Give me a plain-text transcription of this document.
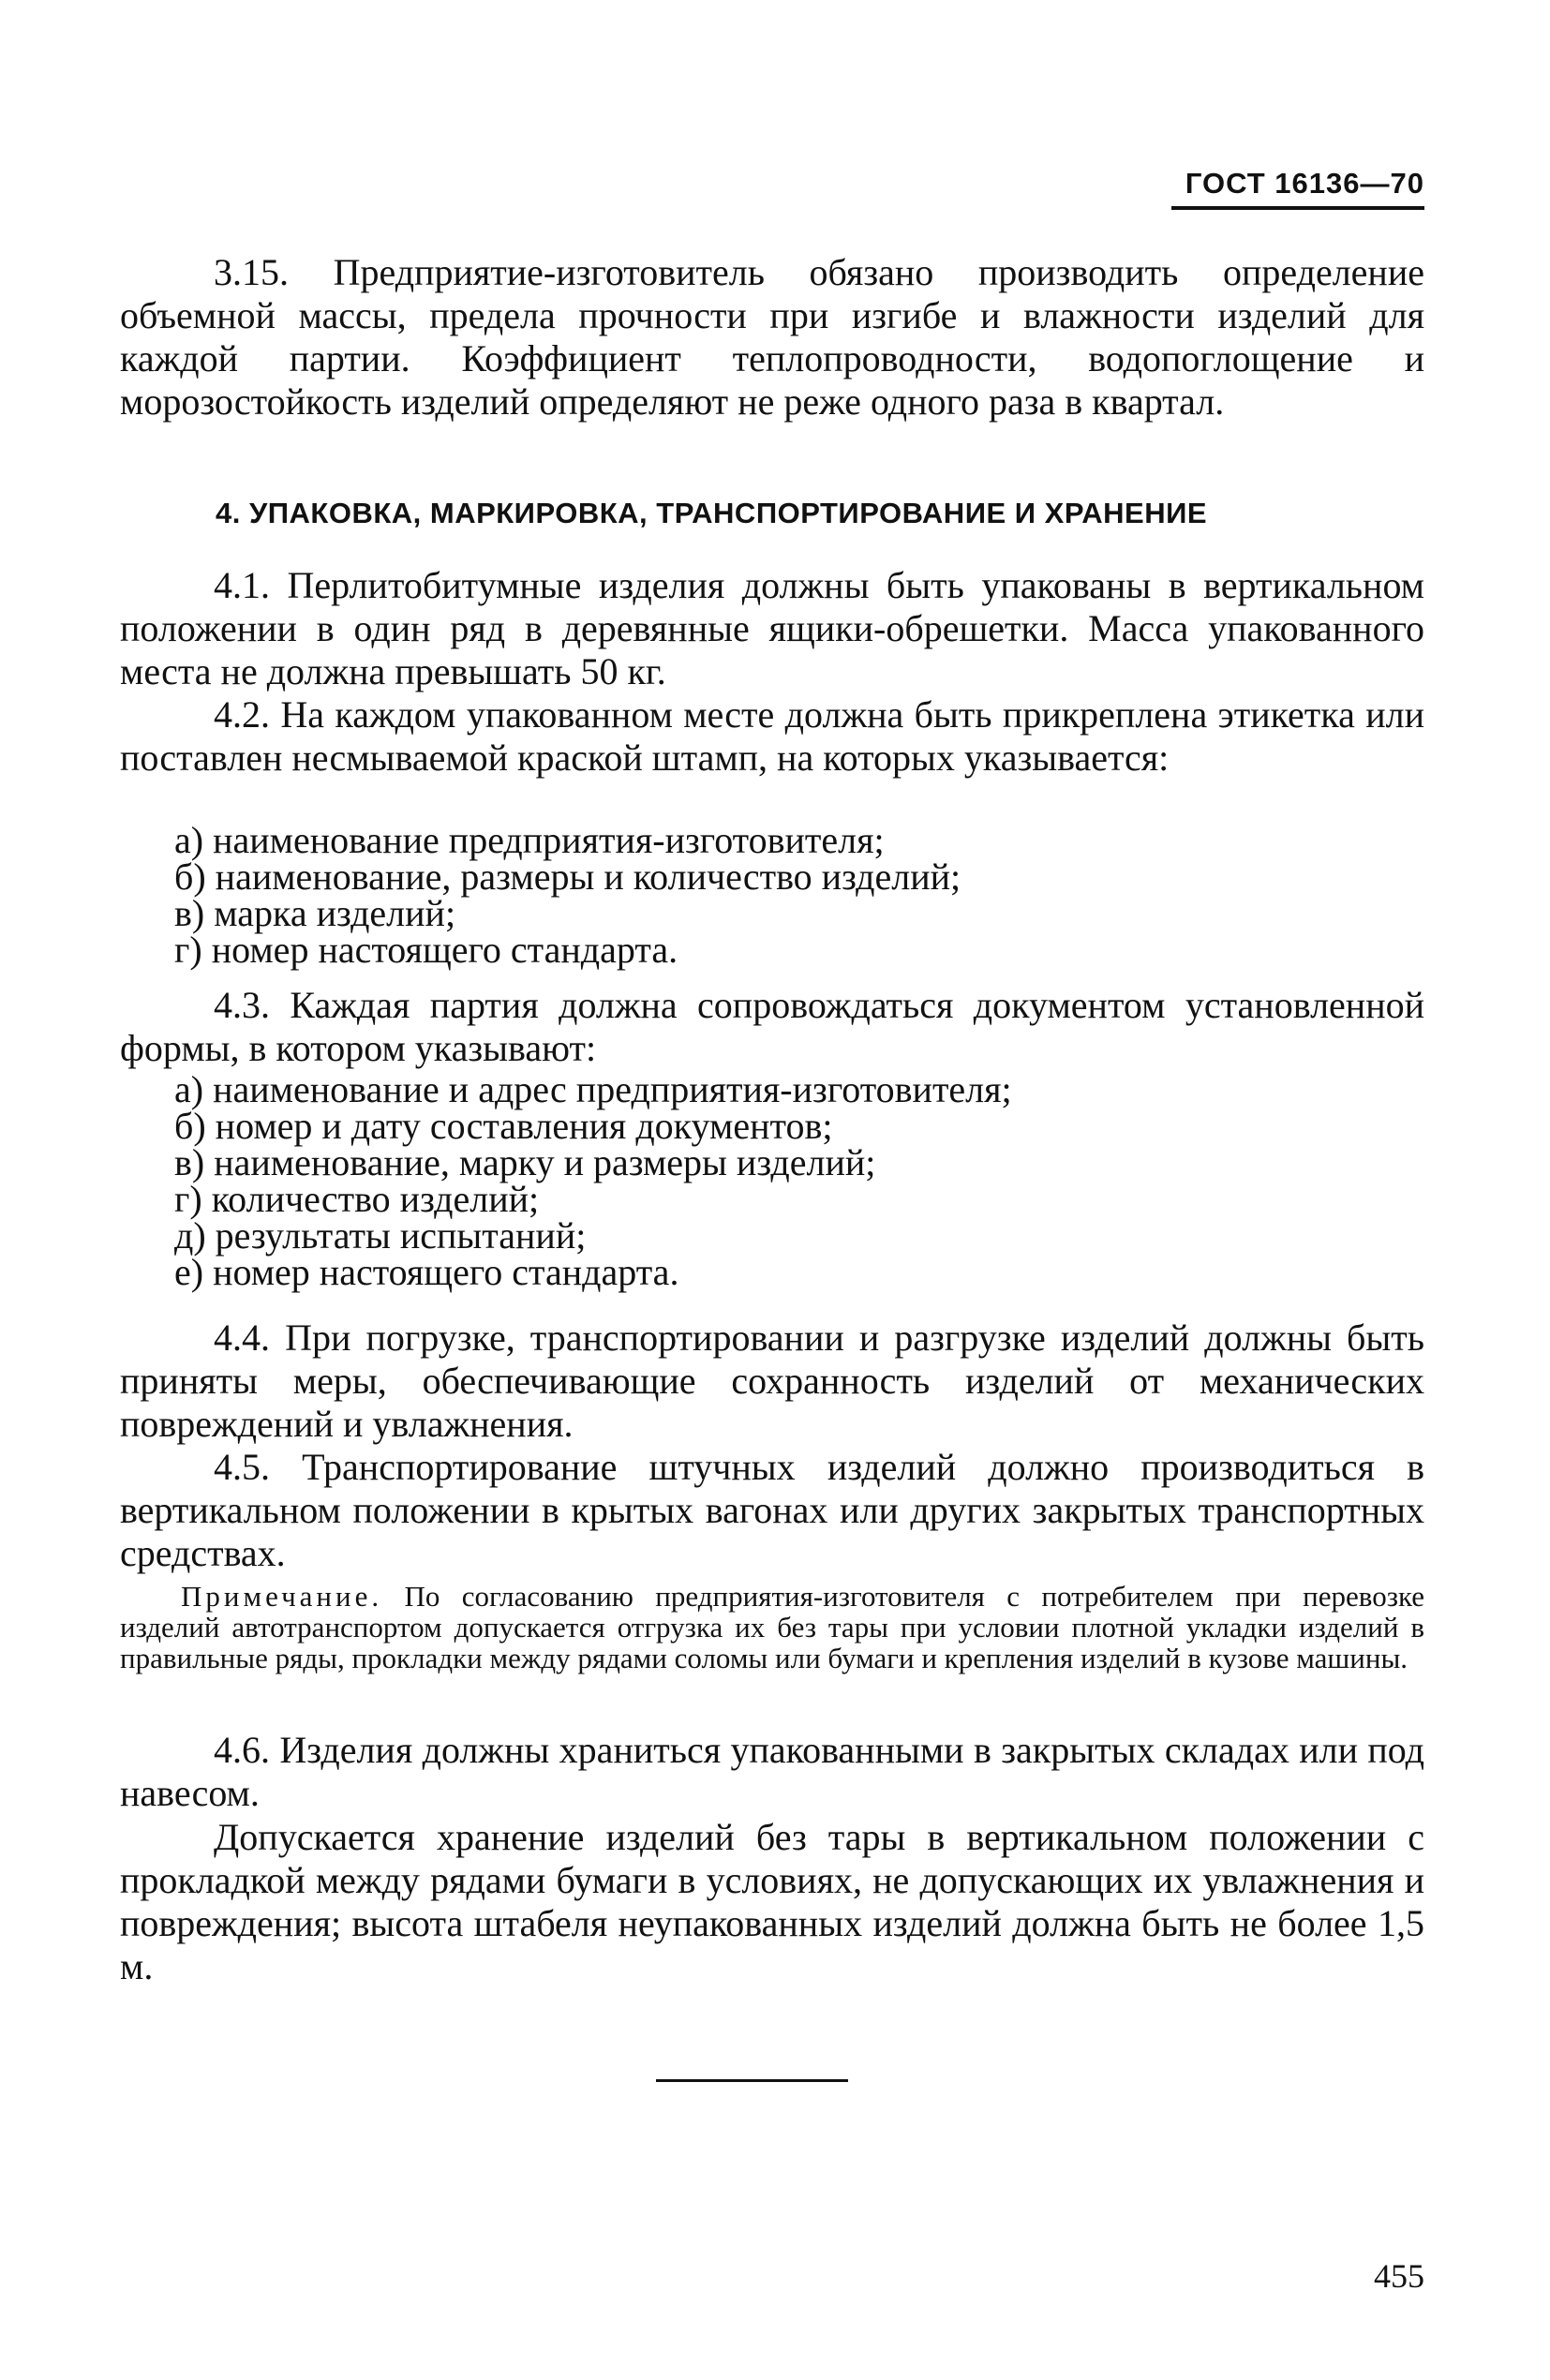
ГОСТ 16136—70

3.15. Предприятие-изготовитель обязано производить определение объемной массы, предела прочности при изгибе и влажности изделий для каждой партии. Коэффициент теплопроводности, водопоглощение и морозостойкость изделий определяют не реже одного раза в квартал.

4. УПАКОВКА, МАРКИРОВКА, ТРАНСПОРТИРОВАНИЕ И ХРАНЕНИЕ

4.1. Перлитобитумные изделия должны быть упакованы в вертикальном положении в один ряд в деревянные ящики-обрешетки. Масса упакованного места не должна превышать 50 кг.

4.2. На каждом упакованном месте должна быть прикреплена этикетка или поставлен несмываемой краской штамп, на которых указывается:

а) наименование предприятия-изготовителя;
б) наименование, размеры и количество изделий;
в) марка изделий;
г) номер настоящего стандарта.

4.3. Каждая партия должна сопровождаться документом установленной формы, в котором указывают:

а) наименование и адрес предприятия-изготовителя;
б) номер и дату составления документов;
в) наименование, марку и размеры изделий;
г) количество изделий;
д) результаты испытаний;
е) номер настоящего стандарта.

4.4. При погрузке, транспортировании и разгрузке изделий должны быть приняты меры, обеспечивающие сохранность изделий от механических повреждений и увлажнения.

4.5. Транспортирование штучных изделий должно производиться в вертикальном положении в крытых вагонах или других закрытых транспортных средствах.

Примечание. По согласованию предприятия-изготовителя с потребителем при перевозке изделий автотранспортом допускается отгрузка их без тары при условии плотной укладки изделий в правильные ряды, прокладки между рядами соломы или бумаги и крепления изделий в кузове машины.

4.6. Изделия должны храниться упакованными в закрытых складах или под навесом.

Допускается хранение изделий без тары в вертикальном положении с прокладкой между рядами бумаги в условиях, не допускающих их увлажнения и повреждения; высота штабеля неупакованных изделий должна быть не более 1,5 м.

455
